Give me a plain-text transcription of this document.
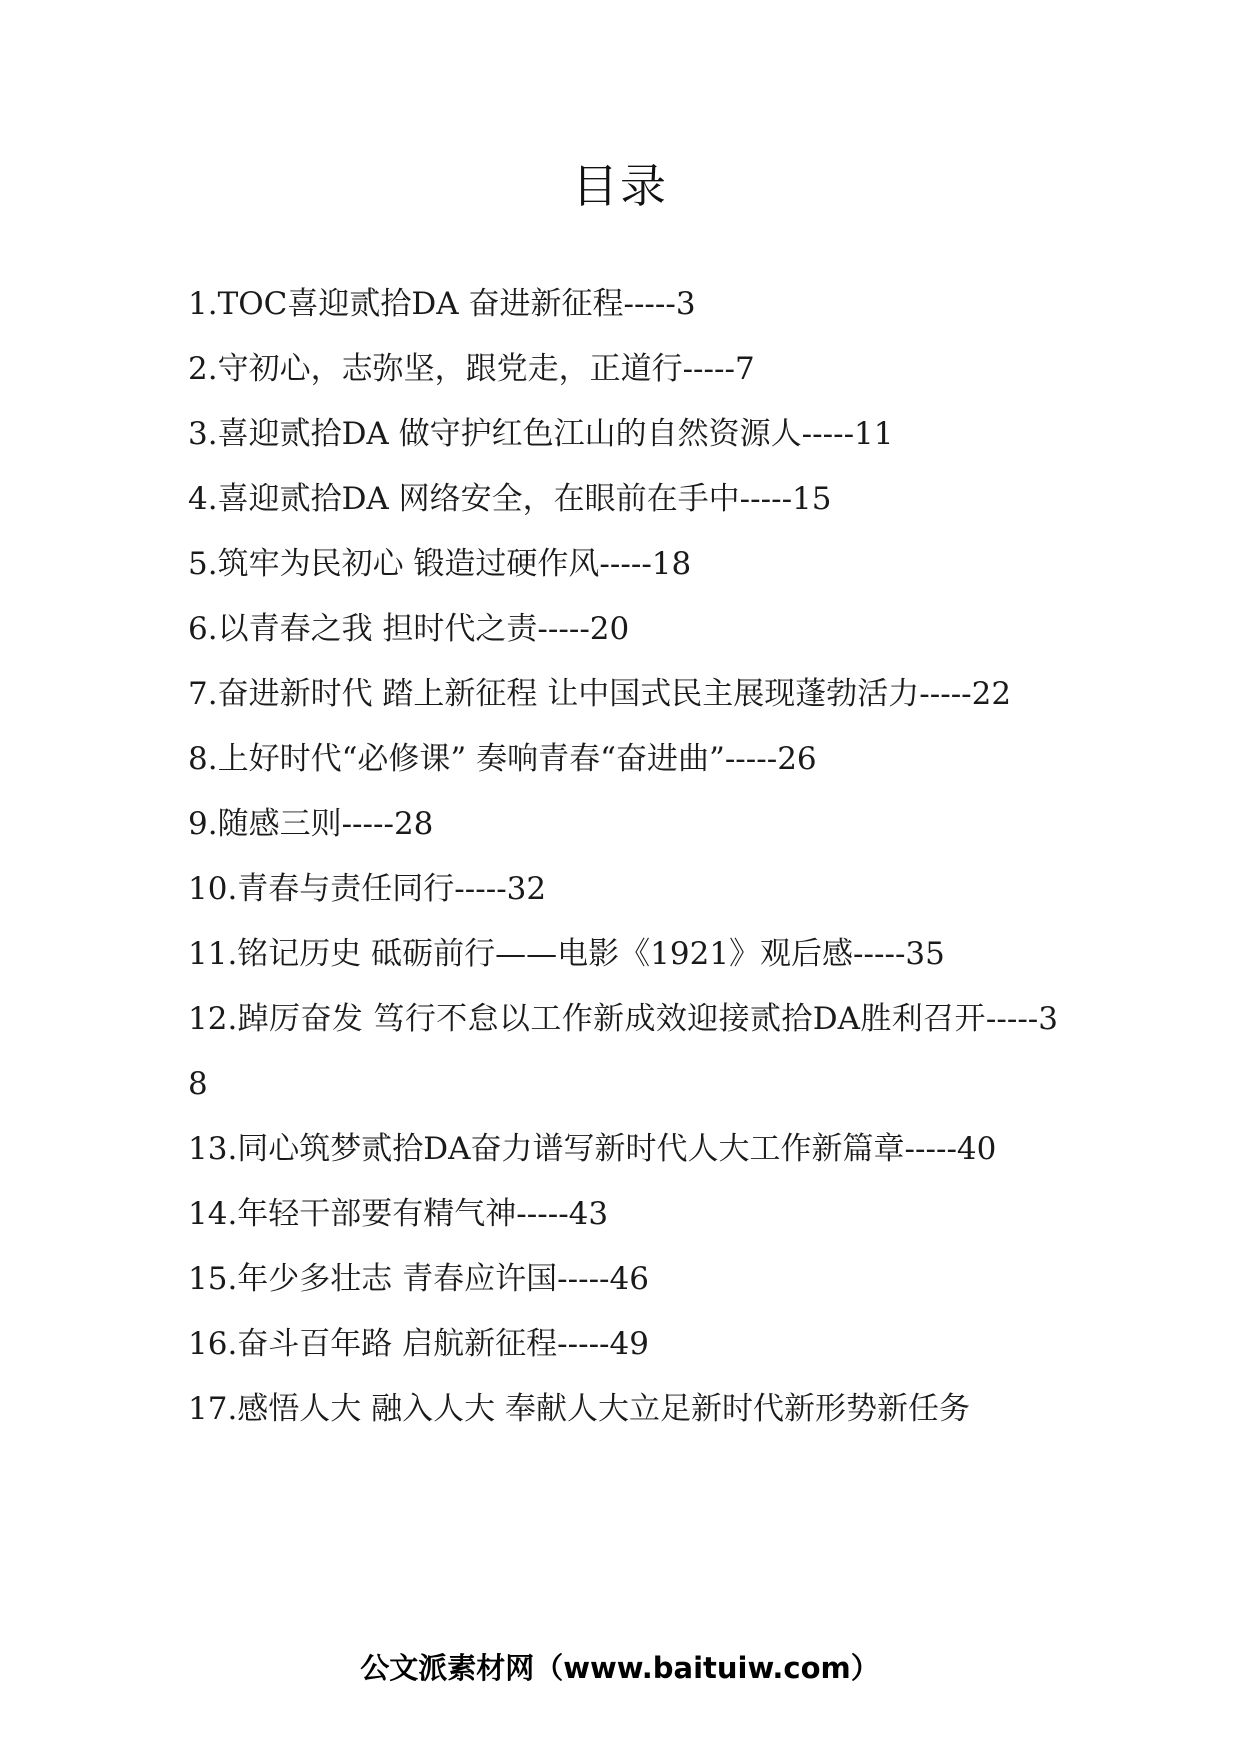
目录
1.TOC喜迎贰拾DA 奋进新征程-----3
2.守初心，志弥坚，跟党走，正道行-----7
3.喜迎贰拾DA 做守护红色江山的自然资源人-----11
4.喜迎贰拾DA 网络安全，在眼前在手中-----15
5.筑牢为民初心 锻造过硬作风-----18
6.以青春之我 担时代之责-----20
7.奋进新时代 踏上新征程 让中国式民主展现蓬勃活力-----22
8.上好时代“必修课” 奏响青春“奋进曲”-----26
9.随感三则-----28
10.青春与责任同行-----32
11.铭记历史 砥砺前行——电影《1921》观后感-----35
12.踔厉奋发 笃行不怠以工作新成效迎接贰拾DA胜利召开-----38
13.同心筑梦贰拾DA奋力谱写新时代人大工作新篇章-----40
14.年轻干部要有精气神-----43
15.年少多壮志 青春应许国-----46
16.奋斗百年路 启航新征程-----49
17.感悟人大 融入人大 奉献人大立足新时代新形势新任务
公文派素材网（www.baituiw.com）
